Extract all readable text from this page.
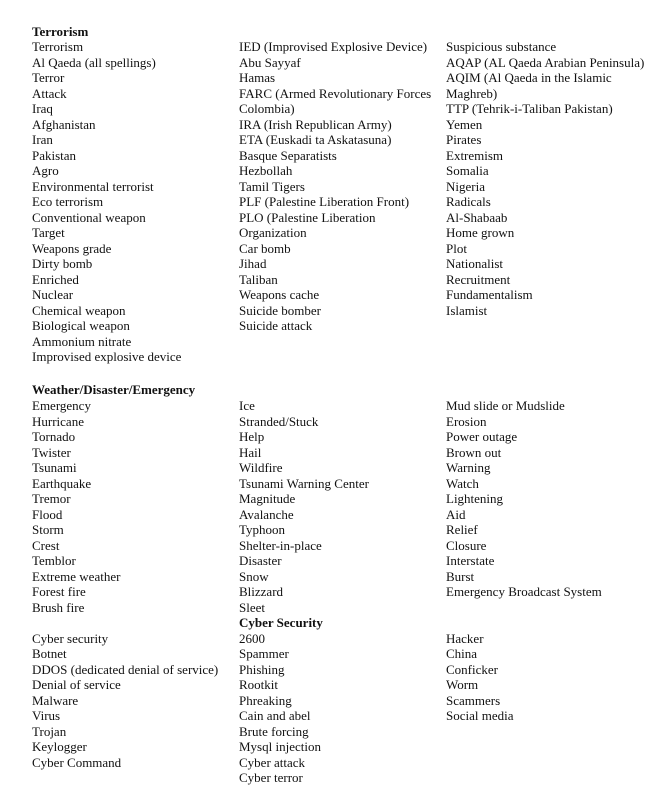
Terrorism
Terrorism
Al Qaeda (all spellings)
Terror
Attack
Iraq
Afghanistan
Iran
Pakistan
Agro
Environmental terrorist
Eco terrorism
Conventional weapon
Target
Weapons grade
Dirty bomb
Enriched
Nuclear
Chemical weapon
Biological weapon
Ammonium nitrate
Improvised explosive device
IED (Improvised Explosive Device)
Abu Sayyaf
Hamas
FARC (Armed Revolutionary Forces Colombia)
IRA (Irish Republican Army)
ETA (Euskadi ta Askatasuna)
Basque Separatists
Hezbollah
Tamil Tigers
PLF (Palestine Liberation Front)
PLO (Palestine Liberation Organization
Car bomb
Jihad
Taliban
Weapons cache
Suicide bomber
Suicide attack
Suspicious substance
AQAP (AL Qaeda Arabian Peninsula)
AQIM (Al Qaeda in the Islamic Maghreb)
TTP (Tehrik-i-Taliban Pakistan)
Yemen
Pirates
Extremism
Somalia
Nigeria
Radicals
Al-Shabaab
Home grown
Plot
Nationalist
Recruitment
Fundamentalism
Islamist
Weather/Disaster/Emergency
Emergency
Hurricane
Tornado
Twister
Tsunami
Earthquake
Tremor
Flood
Storm
Crest
Temblor
Extreme weather
Forest fire
Brush fire

Cyber security
Botnet
DDOS (dedicated denial of service)
Denial of service
Malware
Virus
Trojan
Keylogger
Cyber Command
Ice
Stranded/Stuck
Help
Hail
Wildfire
Tsunami Warning Center
Magnitude
Avalanche
Typhoon
Shelter-in-place
Disaster
Snow
Blizzard
Sleet
Cyber Security
2600
Spammer
Phishing
Rootkit
Phreaking
Cain and abel
Brute forcing
Mysql injection
Cyber attack
Cyber terror
Mud slide or Mudslide
Erosion
Power outage
Brown out
Warning
Watch
Lightening
Aid
Relief
Closure
Interstate
Burst
Emergency Broadcast System

Hacker
China
Conficker
Worm
Scammers
Social media
